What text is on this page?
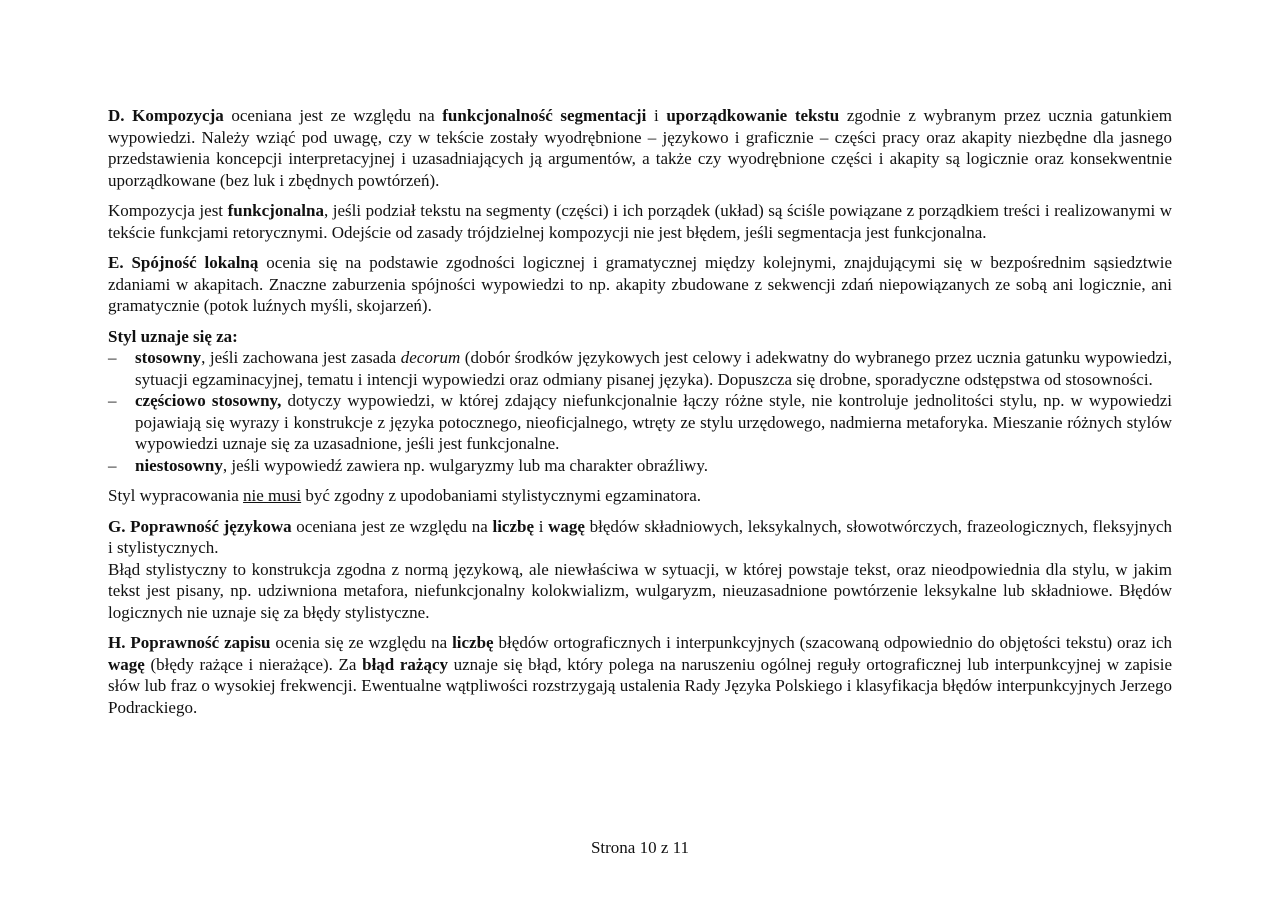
D. Kompozycja oceniana jest ze względu na funkcjonalność segmentacji i uporządkowanie tekstu zgodnie z wybranym przez ucznia gatunkiem wypowiedzi. Należy wziąć pod uwagę, czy w tekście zostały wyodrębnione – językowo i graficznie – części pracy oraz akapity niezbędne dla jasnego przedstawienia koncepcji interpretacyjnej i uzasadniających ją argumentów, a także czy wyodrębnione części i akapity są logicznie oraz konsekwentnie uporządkowane (bez luk i zbędnych powtórzeń).

Kompozycja jest funkcjonalna, jeśli podział tekstu na segmenty (części) i ich porządek (układ) są ściśle powiązane z porządkiem treści i realizowanymi w tekście funkcjami retorycznymi. Odejście od zasady trójdzielnej kompozycji nie jest błędem, jeśli segmentacja jest funkcjonalna.

E. Spójność lokalną ocenia się na podstawie zgodności logicznej i gramatycznej między kolejnymi, znajdującymi się w bezpośrednim sąsiedztwie zdaniami w akapitach. Znaczne zaburzenia spójności wypowiedzi to np. akapity zbudowane z sekwencji zdań niepowiązanych ze sobą ani logicznie, ani gramatycznie (potok luźnych myśli, skojarzeń).

Styl uznaje się za:

– stosowny, jeśli zachowana jest zasada decorum (dobór środków językowych jest celowy i adekwatny do wybranego przez ucznia gatunku wypowiedzi, sytuacji egzaminacyjnej, tematu i intencji wypowiedzi oraz odmiany pisanej języka). Dopuszcza się drobne, sporadyczne odstępstwa od stosowności.
– częściowo stosowny, dotyczy wypowiedzi, w której zdający niefunkcjonalnie łączy różne style, nie kontroluje jednolitości stylu, np. w wypowiedzi pojawiają się wyrazy i konstrukcje z języka potocznego, nieoficjalnego, wtręty ze stylu urzędowego, nadmierna metaforyka. Mieszanie różnych stylów wypowiedzi uznaje się za uzasadnione, jeśli jest funkcjonalne.
– niestosowny, jeśli wypowiedź zawiera np. wulgaryzmy lub ma charakter obraźliwy.

Styl wypracowania nie musi być zgodny z upodobaniami stylistycznymi egzaminatora.

G. Poprawność językowa oceniana jest ze względu na liczbę i wagę błędów składniowych, leksykalnych, słowotwórczych, frazeologicznych, fleksyjnych i stylistycznych.

Błąd stylistyczny to konstrukcja zgodna z normą językową, ale niewłaściwa w sytuacji, w której powstaje tekst, oraz nieodpowiednia dla stylu, w jakim tekst jest pisany, np. udziwniona metafora, niefunkcjonalny kolokwializm, wulgaryzm, nieuzasadnione powtórzenie leksykalne lub składniowe. Błędów logicznych nie uznaje się za błędy stylistyczne.

H. Poprawność zapisu ocenia się ze względu na liczbę błędów ortograficznych i interpunkcyjnych (szacowaną odpowiednio do objętości tekstu) oraz ich wagę (błędy rażące i nierażące). Za błąd rażący uznaje się błąd, który polega na naruszeniu ogólnej reguły ortograficznej lub interpunkcyjnej w zapisie słów lub fraz o wysokiej frekwencji. Ewentualne wątpliwości rozstrzygają ustalenia Rady Języka Polskiego i klasyfikacja błędów interpunkcyjnych Jerzego Podrackiego.

Strona 10 z 11
